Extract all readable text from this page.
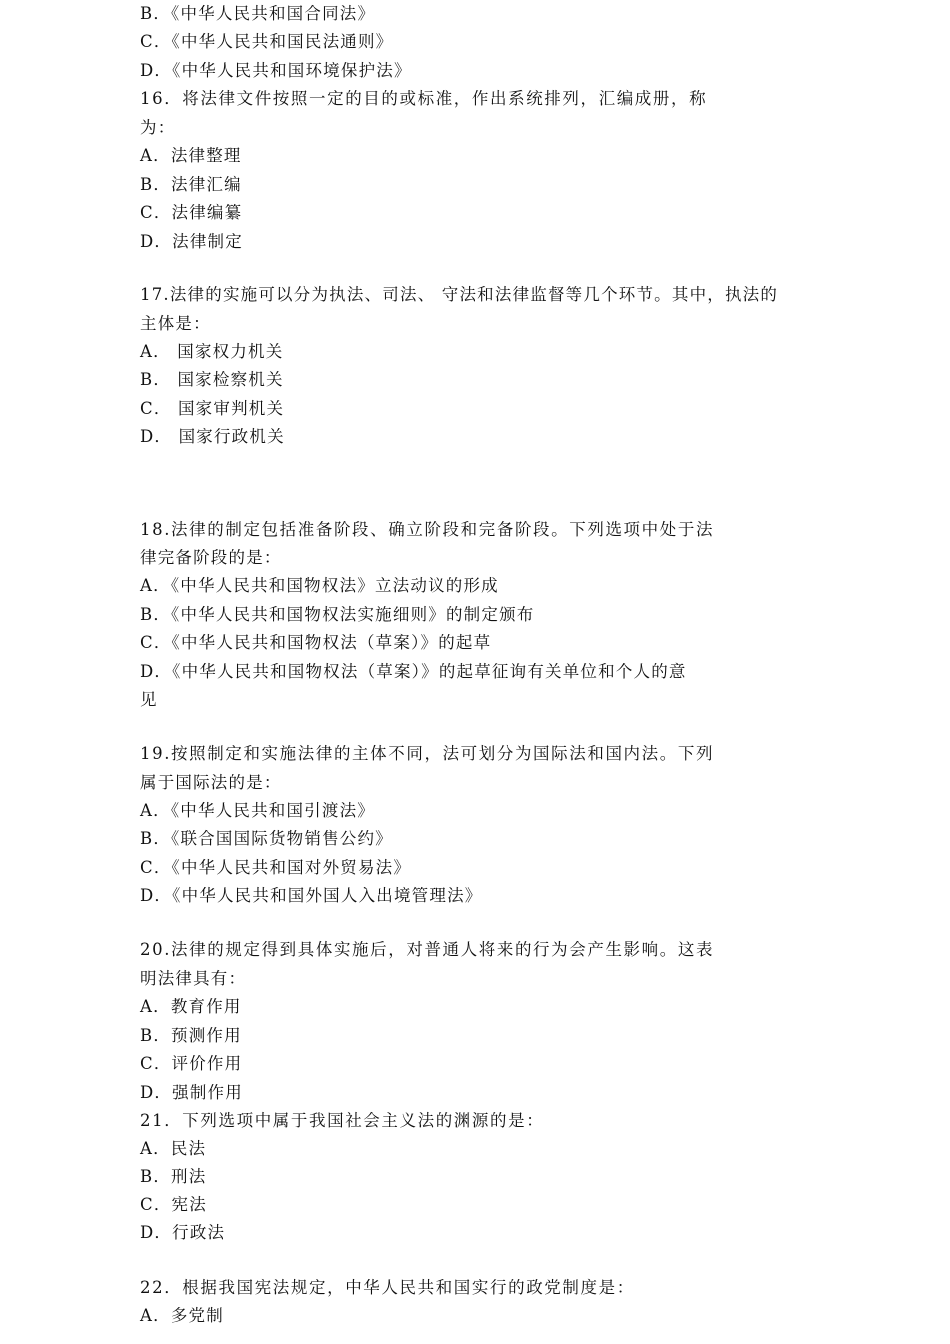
B．《中华人民共和国合同法》
C．《中华人民共和国民法通则》
D．《中华人民共和国环境保护法》
16．将法律文件按照一定的目的或标准，作出系统排列，汇编成册，称
为：
A．法律整理
B．法律汇编
C．法律编纂
D．法律制定
17.法律的实施可以分为执法、司法、 守法和法律监督等几个环节。其中，执法的
主体是：
A． 国家权力机关
B． 国家检察机关
C． 国家审判机关
D． 国家行政机关
18.法律的制定包括准备阶段、确立阶段和完备阶段。下列选项中处于法
律完备阶段的是：
A．《中华人民共和国物权法》立法动议的形成
B．《中华人民共和国物权法实施细则》的制定颁布
C．《中华人民共和国物权法（草案）》的起草
D．《中华人民共和国物权法（草案）》的起草征询有关单位和个人的意
见
19.按照制定和实施法律的主体不同，法可划分为国际法和国内法。下列
属于国际法的是：
A．《中华人民共和国引渡法》
B．《联合国国际货物销售公约》
C．《中华人民共和国对外贸易法》
D．《中华人民共和国外国人入出境管理法》
20.法律的规定得到具体实施后，对普通人将来的行为会产生影响。这表
明法律具有：
A．教育作用
B．预测作用
C．评价作用
D．强制作用
21．下列选项中属于我国社会主义法的渊源的是：
A．民法
B．刑法
C．宪法
D．行政法
22．根据我国宪法规定，中华人民共和国实行的政党制度是：
A．多党制
